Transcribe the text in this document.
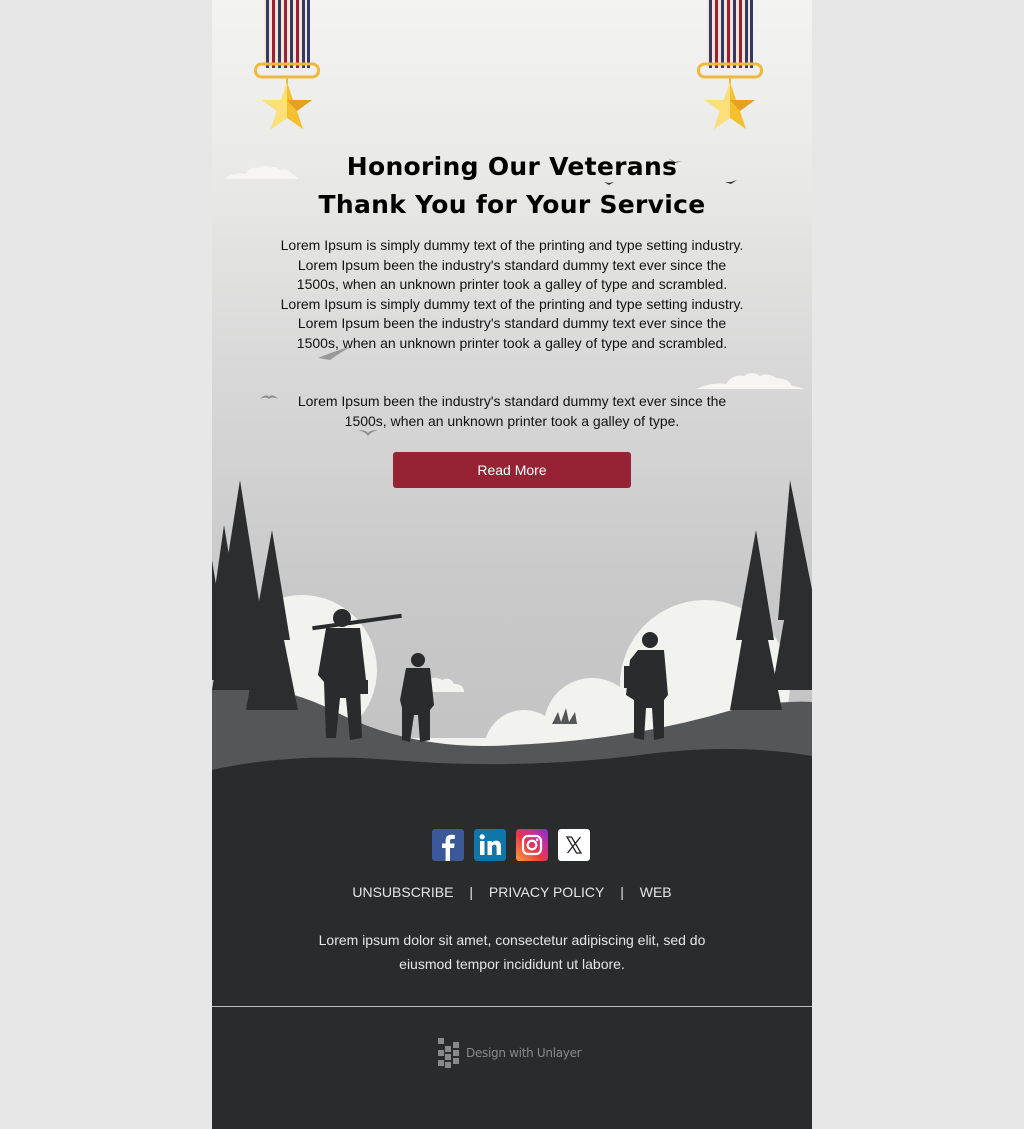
Honoring Our Veterans
Thank You for Your Service
Lorem Ipsum is simply dummy text of the printing and type setting industry. Lorem Ipsum been the industry's standard dummy text ever since the 1500s, when an unknown printer took a galley of type and scrambled. Lorem Ipsum is simply dummy text of the printing and type setting industry. Lorem Ipsum been the industry's standard dummy text ever since the 1500s, when an unknown printer took a galley of type and scrambled.
Lorem Ipsum been the industry's standard dummy text ever since the 1500s, when an unknown printer took a galley of type.
Read More
UNSUBSCRIBE | PRIVACY POLICY | WEB
Lorem ipsum dolor sit amet, consectetur adipiscing elit, sed do eiusmod tempor incididunt ut labore.
Design with Unlayer
